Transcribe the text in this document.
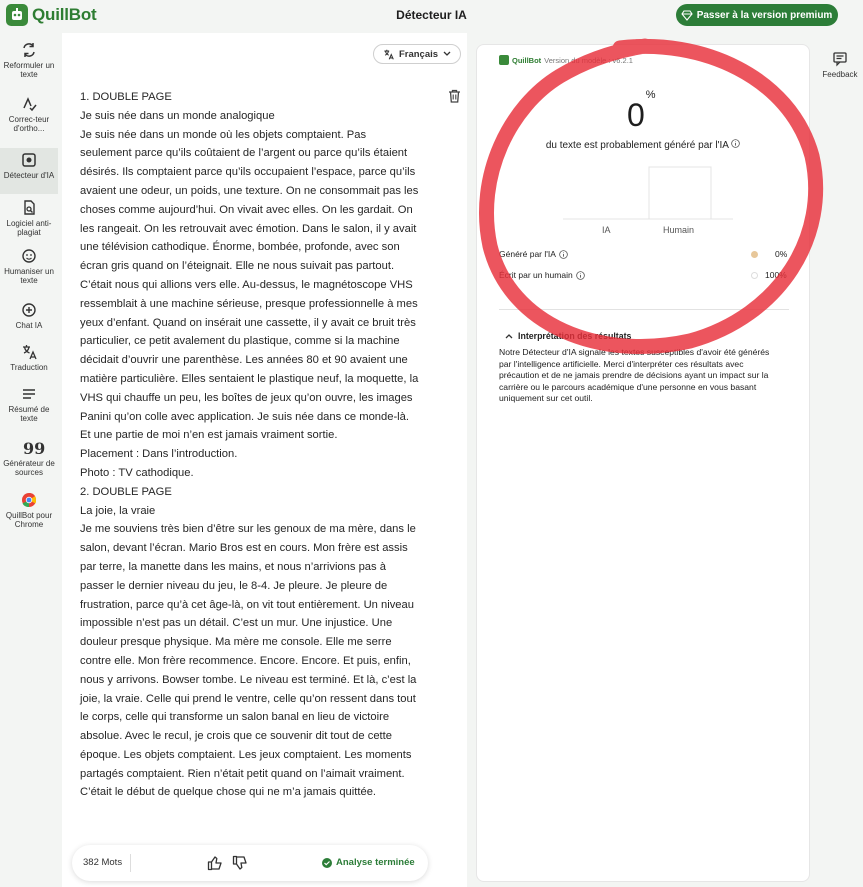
QuillBot	Détecteur IA	Passer à la version premium
Reformuler un texte
Correc-teur d'ortho...
Détecteur d'IA
Logiciel anti-plagiat
Humaniser un texte
Chat IA
Traduction
Résumé de texte
99
Générateur de sources
QuillBot pour Chrome
Français

1. DOUBLE PAGE

Je suis née dans un monde analogique

Je suis née dans un monde où les objets comptaient. Pas seulement parce qu’ils coûtaient de l’argent ou parce qu’ils étaient désirés. Ils comptaient parce qu’ils occupaient l’espace, parce qu’ils avaient une odeur, un poids, une texture. On ne consommait pas les choses comme aujourd’hui. On vivait avec elles. On les gardait. On les rangeait. On les retrouvait avec émotion. Dans le salon, il y avait une télévision cathodique. Énorme, bombée, profonde, avec son écran gris quand on l’éteignait. Elle ne nous suivait pas partout. C’était nous qui allions vers elle. Au-dessus, le magnétoscope VHS ressemblait à une machine sérieuse, presque professionnelle à mes yeux d’enfant. Quand on insérait une cassette, il y avait ce bruit très particulier, ce petit avalement du plastique, comme si la machine décidait d’ouvrir une parenthèse. Les années 80 et 90 avaient une matière particulière. Elles sentaient le plastique neuf, la moquette, la VHS qui chauffe un peu, les boîtes de jeux qu’on ouvre, les images Panini qu’on colle avec application. Je suis née dans ce monde-là. Et une partie de moi n’en est jamais vraiment sortie.

Placement : Dans l’introduction.

Photo : TV cathodique.

2. DOUBLE PAGE

La joie, la vraie

Je me souviens très bien d’être sur les genoux de ma mère, dans le salon, devant l’écran. Mario Bros est en cours. Mon frère est assis par terre, la manette dans les mains, et nous n’arrivions pas à passer le dernier niveau du jeu, le 8-4. Je pleure. Je pleure de frustration, parce qu’à cet âge-là, on vit tout entièrement. Un niveau impossible n’est pas un détail. C’est un mur. Une injustice. Une douleur presque physique. Ma mère me console. Elle me serre contre elle. Mon frère recommence. Encore. Encore. Et puis, enfin, nous y arrivons. Bowser tombe. Le niveau est terminé. Et là, c’est la joie, la vraie. Celle qui prend le ventre, celle qu’on ressent dans tout le corps, celle qui transforme un salon banal en lieu de victoire absolue. Avec le recul, je crois que ce souvenir dit tout de cette époque. Les objets comptaient. Les jeux comptaient. Les moments partagés comptaient. Rien n’était petit quand on l’aimait vraiment. C’était le début de quelque chose qui ne m’a jamais quittée.

382 Mots	Analyse terminée
QuillBot Version du modèle : v6.2.1
0%
du texte est probablement généré par l'IA
IA	Humain
Généré par l'IA	0%
Écrit par un humain	100%
Interprétation des résultats
Notre Détecteur d'IA signale les textes susceptibles d'avoir été générés par l'intelligence artificielle. Merci d'interpréter ces résultats avec précaution et de ne jamais prendre de décisions ayant un impact sur la carrière ou le parcours académique d'une personne en vous basant uniquement sur cet outil.
Feedback
